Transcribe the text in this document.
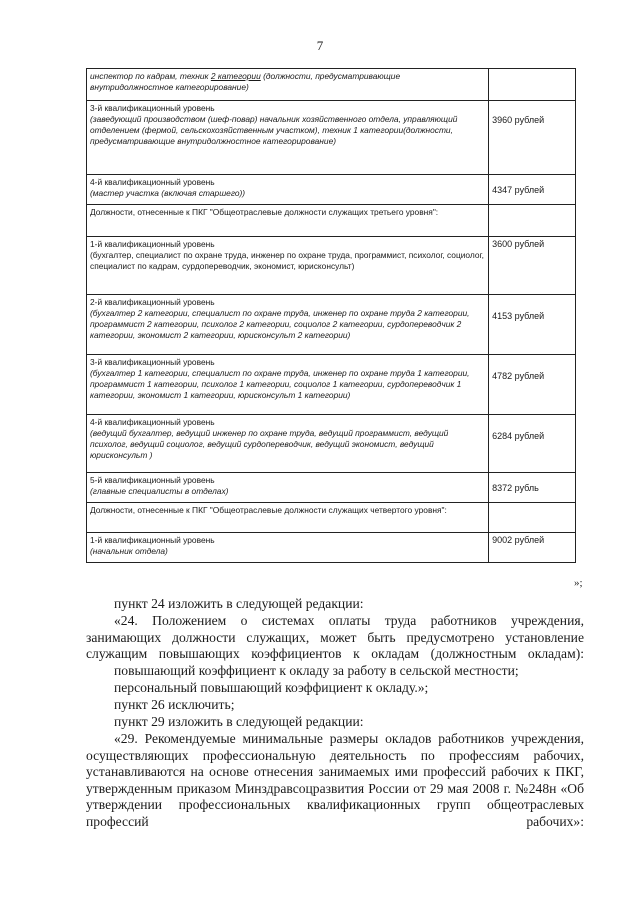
7
инспектор по кадрам, техник 2 категории (должности, предусматривающие внутридолжностное категорирование)	

3-й квалификационный уровень
(заведующий производством (шеф-повар) начальник хозяйственного отдела, управляющий отделением (фермой, сельскохозяйственным участком), техник 1 категории(должности, предусматривающие внутридолжностное категорирование)	3960 рублей

4-й квалификационный уровень
(мастер участка (включая старшего))	4347 рублей

Должности, отнесенные к ПКГ "Общеотраслевые должности служащих третьего уровня":	

1-й квалификационный уровень
(бухгалтер, специалист по охране труда, инженер по охране труда, программист, психолог, социолог, специалист по кадрам, сурдопереводчик, экономист, юрисконсульт)	3600 рублей

2-й квалификационный уровень
(бухгалтер 2 категории, специалист по охране труда, инженер по охране труда 2 категории, программист 2 категории, психолог 2 категории, социолог 2 категории, сурдопереводчик 2 категории, экономист 2 категории, юрисконсульт 2 категории)	4153 рублей

3-й квалификационный уровень
(бухгалтер 1 категории, специалист по охране труда, инженер по охране труда 1 категории, программист 1 категории, психолог 1 категории, социолог 1 категории, сурдопереводчик 1 категории, экономист 1 категории, юрисконсульт 1 категории)	4782 рублей

4-й квалификационный уровень
(ведущий бухгалтер, ведущий инженер по охране труда, ведущий программист, ведущий психолог, ведущий социолог, ведущий сурдопереводчик, ведущий экономист, ведущий юрисконсульт )	6284 рублей

5-й квалификационный уровень
(главные специалисты в отделах)	8372 рубль

Должности, отнесенные к ПКГ "Общеотраслевые должности служащих четвертого уровня":	

1-й квалификационный уровень
(начальник отдела)	9002 рублей
»;

пункт 24 изложить в следующей редакции:

«24. Положением о системах оплаты труда работников учреждения, занимающих должности служащих, может быть предусмотрено установление служащим повышающих коэффициентов к окладам (должностным окладам):

повышающий коэффициент к окладу за работу в сельской местности;

персональный повышающий коэффициент к окладу.»;

пункт 26 исключить;

пункт 29 изложить в следующей редакции:

«29. Рекомендуемые минимальные размеры окладов работников учреждения, осуществляющих профессиональную деятельность по профессиям рабочих, устанавливаются на основе отнесения занимаемых ими профессий рабочих к ПКГ, утвержденным приказом Минздравсоцразвития России от 29 мая 2008 г. №248н «Об утверждении профессиональных квалификационных групп общеотраслевых профессий рабочих»:
